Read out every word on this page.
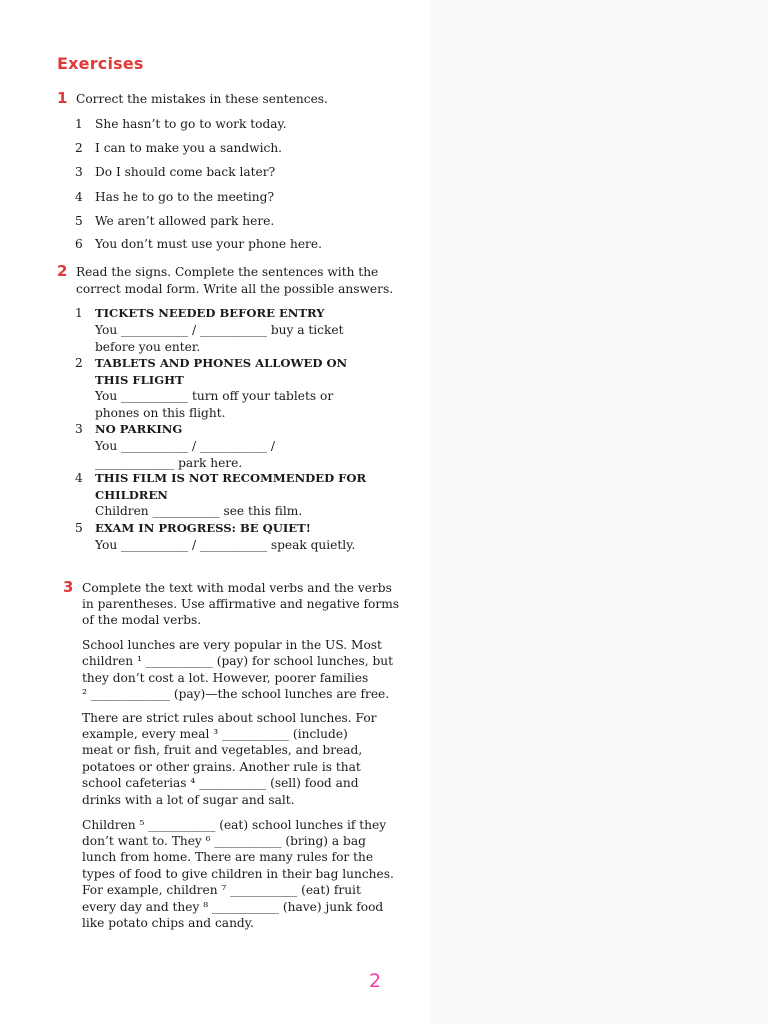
Exercises
1 Correct the mistakes in these sentences.
1 She hasn’t to go to work today.
2 I can to make you a sandwich.
3 Do I should come back later?
4 Has he to go to the meeting?
5 We aren’t allowed park here.
6 You don’t must use your phone here.
2 Read the signs. Complete the sentences with the
correct modal form. Write all the possible answers.
1 TICKETS NEEDED BEFORE ENTRY
You ___________ / ___________ buy a ticket
before you enter.
2 TABLETS AND PHONES ALLOWED ON
THIS FLIGHT
You ___________ turn off your tablets or
phones on this flight.
3 NO PARKING
You ___________ / ___________ /
_____________ park here.
4 THIS FILM IS NOT RECOMMENDED FOR
CHILDREN
Children ___________ see this film.
5 EXAM IN PROGRESS: BE QUIET!
You ___________ / ___________ speak quietly.
3 Complete the text with modal verbs and the verbs
in parentheses. Use affirmative and negative forms
of the modal verbs.
School lunches are very popular in the US. Most
children ¹ ___________ (pay) for school lunches, but
they don’t cost a lot. However, poorer families
² _____________ (pay)—the school lunches are free.
There are strict rules about school lunches. For
example, every meal ³ ___________ (include)
meat or fish, fruit and vegetables, and bread,
potatoes or other grains. Another rule is that
school cafeterias ⁴ ___________ (sell) food and
drinks with a lot of sugar and salt.
Children ⁵ ___________ (eat) school lunches if they
don’t want to. They ⁶ ___________ (bring) a bag
lunch from home. There are many rules for the
types of food to give children in their bag lunches.
For example, children ⁷ ___________ (eat) fruit
every day and they ⁸ ___________ (have) junk food
like potato chips and candy.
2
